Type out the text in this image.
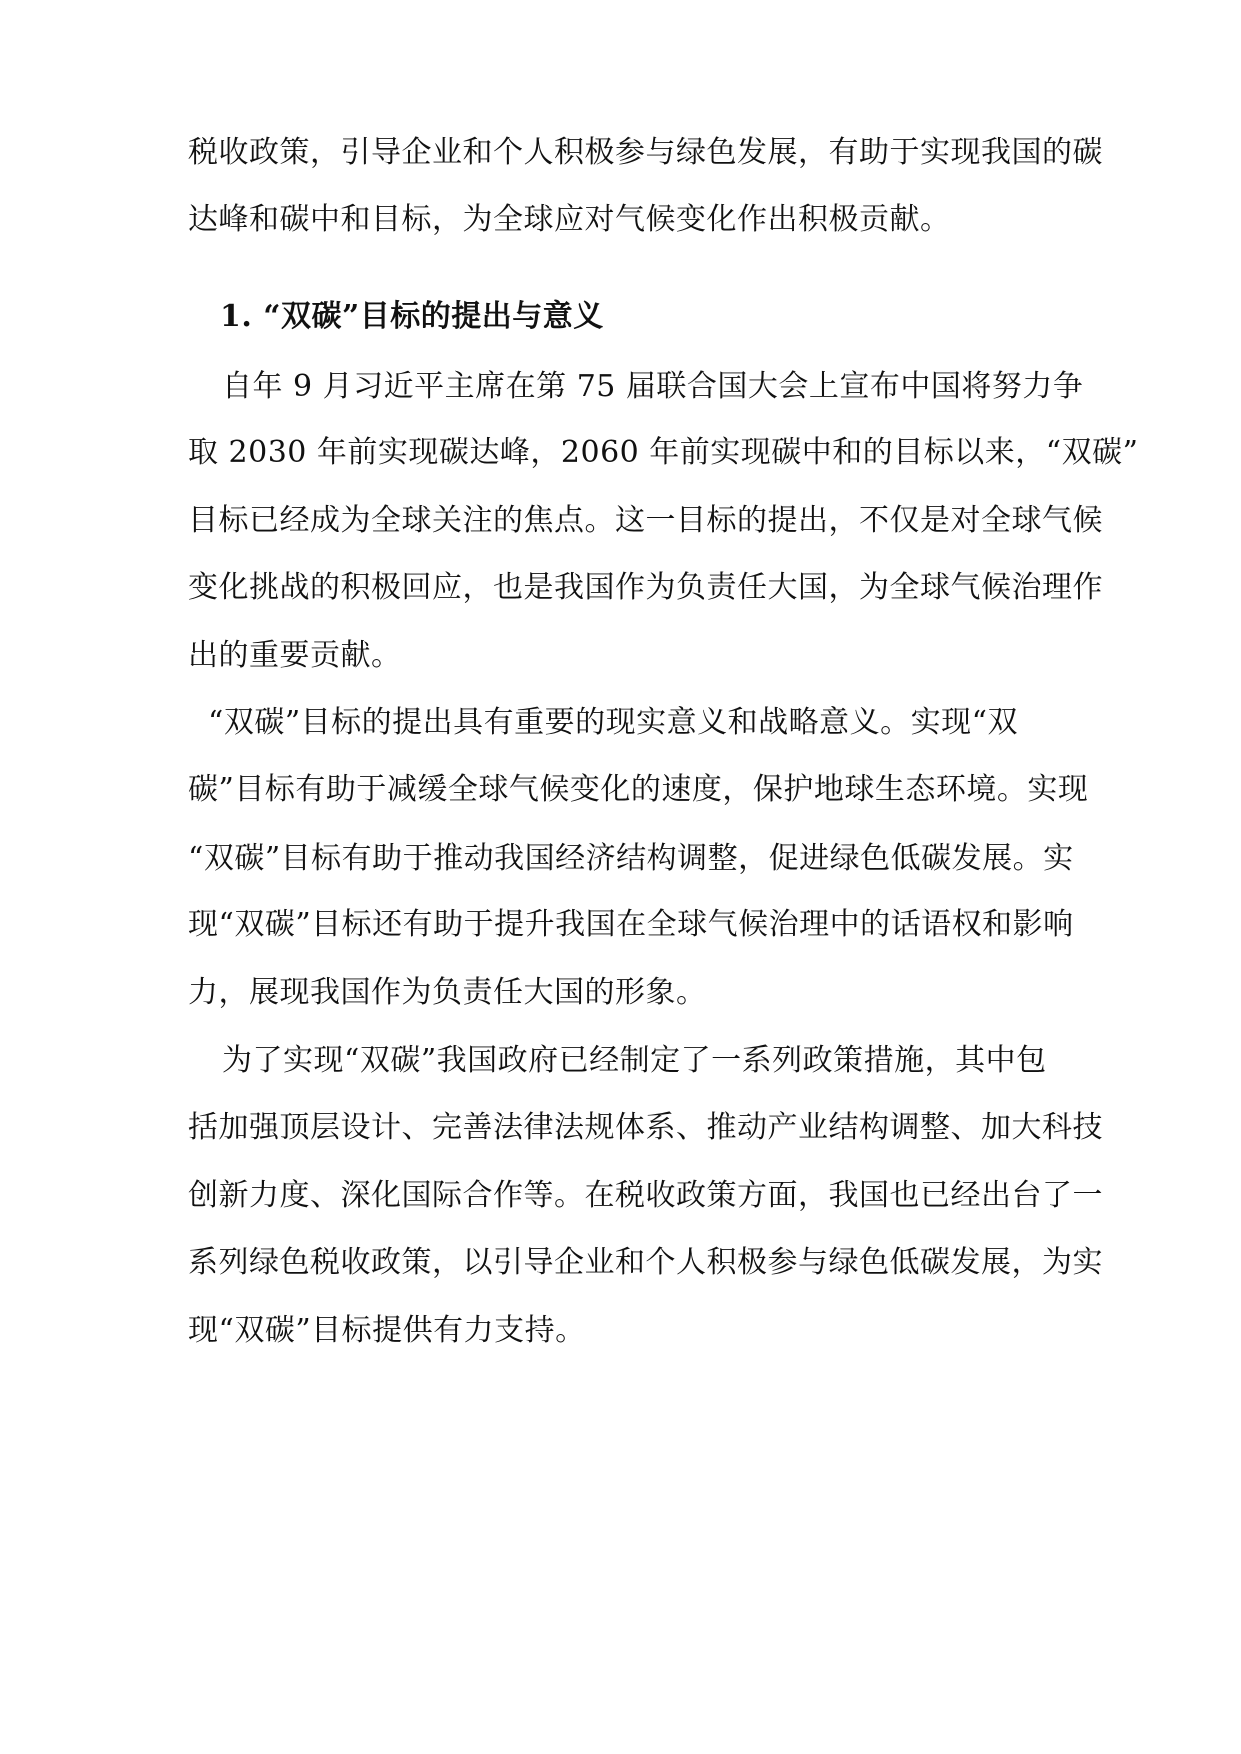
税收政策，引导企业和个人积极参与绿色发展，有助于实现我国的碳
达峰和碳中和目标，为全球应对气候变化作出积极贡献。
1. “双碳”目标的提出与意义
自年 9 月习近平主席在第 75 届联合国大会上宣布中国将努力争
取 2030 年前实现碳达峰，2060 年前实现碳中和的目标以来，“双碳”
目标已经成为全球关注的焦点。这一目标的提出，不仅是对全球气候
变化挑战的积极回应，也是我国作为负责任大国，为全球气候治理作
出的重要贡献。
“双碳”目标的提出具有重要的现实意义和战略意义。实现“双
碳”目标有助于减缓全球气候变化的速度，保护地球生态环境。实现
“双碳”目标有助于推动我国经济结构调整，促进绿色低碳发展。实
现“双碳”目标还有助于提升我国在全球气候治理中的话语权和影响
力，展现我国作为负责任大国的形象。
为了实现“双碳”我国政府已经制定了一系列政策措施，其中包
括加强顶层设计、完善法律法规体系、推动产业结构调整、加大科技
创新力度、深化国际合作等。在税收政策方面，我国也已经出台了一
系列绿色税收政策，以引导企业和个人积极参与绿色低碳发展，为实
现“双碳”目标提供有力支持。
